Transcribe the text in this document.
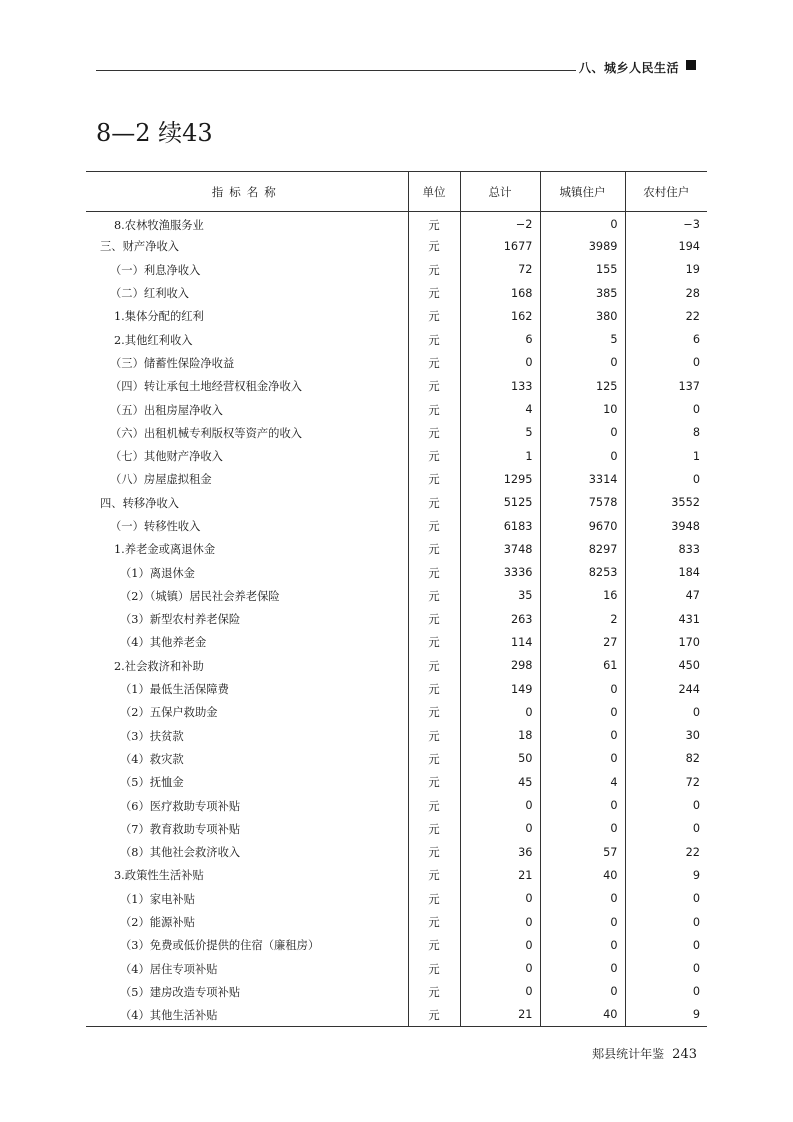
八、城乡人民生活
8—2 续43
指标名称	单位	总计	城镇住户	农村住户
8.农林牧渔服务业	元	−2	0	−3
三、财产净收入	元	1677	3989	194
（一）利息净收入	元	72	155	19
（二）红利收入	元	168	385	28
1.集体分配的红利	元	162	380	22
2.其他红利收入	元	6	5	6
（三）储蓄性保险净收益	元	0	0	0
（四）转让承包土地经营权租金净收入	元	133	125	137
（五）出租房屋净收入	元	4	10	0
（六）出租机械专利版权等资产的收入	元	5	0	8
（七）其他财产净收入	元	1	0	1
（八）房屋虚拟租金	元	1295	3314	0
四、转移净收入	元	5125	7578	3552
（一）转移性收入	元	6183	9670	3948
1.养老金或离退休金	元	3748	8297	833
（1）离退休金	元	3336	8253	184
（2）（城镇）居民社会养老保险	元	35	16	47
（3）新型农村养老保险	元	263	2	431
（4）其他养老金	元	114	27	170
2.社会救济和补助	元	298	61	450
（1）最低生活保障费	元	149	0	244
（2）五保户救助金	元	0	0	0
（3）扶贫款	元	18	0	30
（4）救灾款	元	50	0	82
（5）抚恤金	元	45	4	72
（6）医疗救助专项补贴	元	0	0	0
（7）教育救助专项补贴	元	0	0	0
（8）其他社会救济收入	元	36	57	22
3.政策性生活补贴	元	21	40	9
（1）家电补贴	元	0	0	0
（2）能源补贴	元	0	0	0
（3）免费或低价提供的住宿（廉租房）	元	0	0	0
（4）居住专项补贴	元	0	0	0
（5）建房改造专项补贴	元	0	0	0
（4）其他生活补贴	元	21	40	9
郏县统计年鉴 243
